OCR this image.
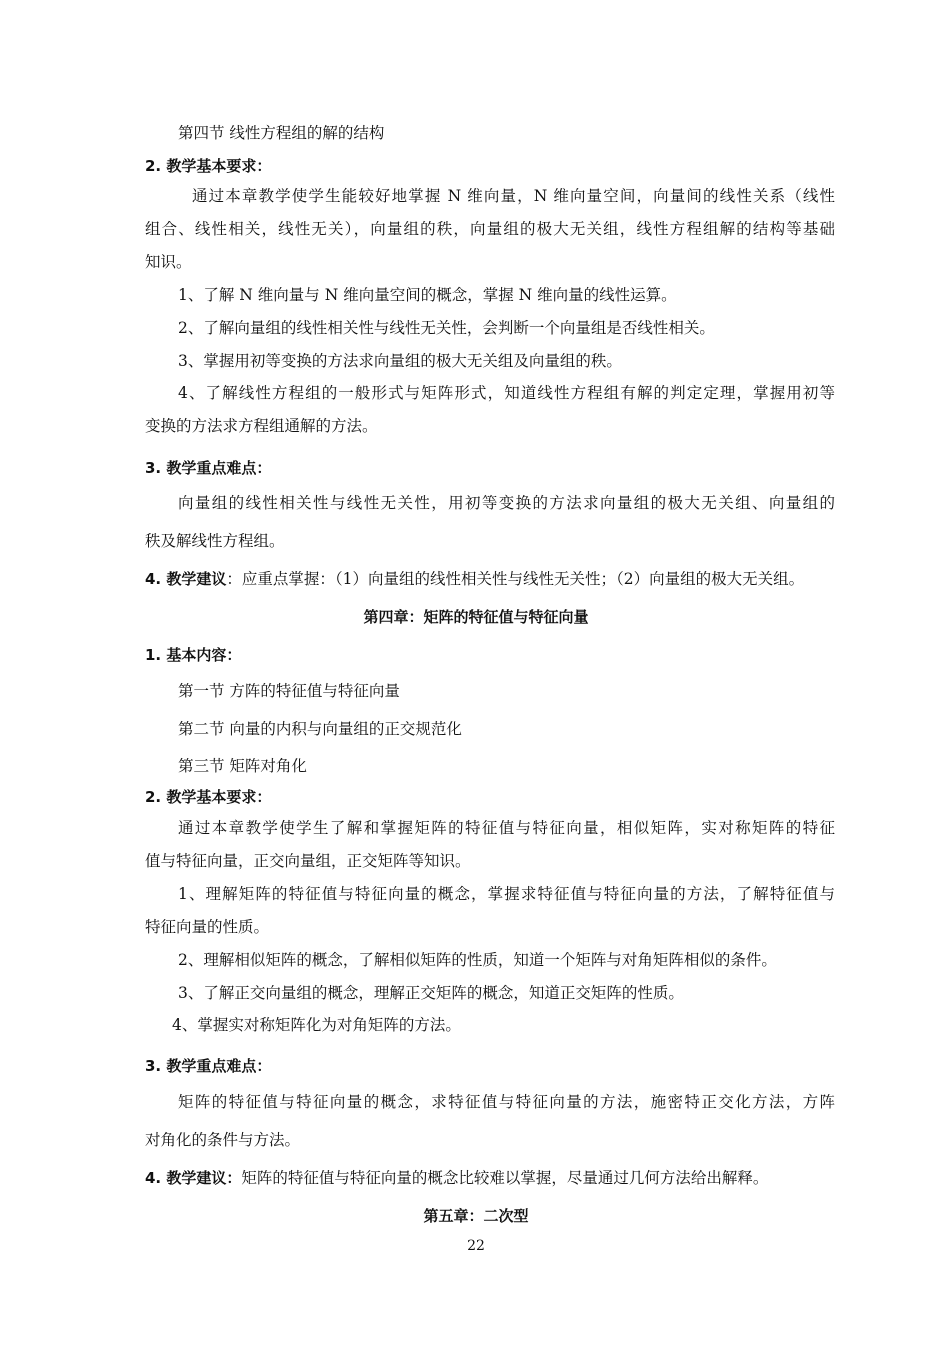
第四节 线性方程组的解的结构
2. 教学基本要求：
通过本章教学使学生能较好地掌握 N 维向量，N 维向量空间，向量间的线性关系（线性
组合、线性相关，线性无关），向量组的秩，向量组的极大无关组，线性方程组解的结构等基础
知识。
1、了解 N 维向量与 N 维向量空间的概念，掌握 N 维向量的线性运算。
2、了解向量组的线性相关性与线性无关性，会判断一个向量组是否线性相关。
3、掌握用初等变换的方法求向量组的极大无关组及向量组的秩。
4、了解线性方程组的一般形式与矩阵形式，知道线性方程组有解的判定定理，掌握用初等
变换的方法求方程组通解的方法。
3. 教学重点难点：
向量组的线性相关性与线性无关性，用初等变换的方法求向量组的极大无关组、向量组的
秩及解线性方程组。
4. 教学建议：应重点掌握：（1）向量组的线性相关性与线性无关性；（2）向量组的极大无关组。
第四章：矩阵的特征值与特征向量
1. 基本内容：
第一节 方阵的特征值与特征向量
第二节 向量的内积与向量组的正交规范化
第三节 矩阵对角化
2. 教学基本要求：
通过本章教学使学生了解和掌握矩阵的特征值与特征向量，相似矩阵，实对称矩阵的特征
值与特征向量，正交向量组，正交矩阵等知识。
1、理解矩阵的特征值与特征向量的概念，掌握求特征值与特征向量的方法，了解特征值与
特征向量的性质。
2、理解相似矩阵的概念，了解相似矩阵的性质，知道一个矩阵与对角矩阵相似的条件。
3、了解正交向量组的概念，理解正交矩阵的概念，知道正交矩阵的性质。
4、掌握实对称矩阵化为对角矩阵的方法。
3. 教学重点难点：
矩阵的特征值与特征向量的概念，求特征值与特征向量的方法，施密特正交化方法，方阵
对角化的条件与方法。
4. 教学建议：矩阵的特征值与特征向量的概念比较难以掌握，尽量通过几何方法给出解释。
第五章：二次型
22
